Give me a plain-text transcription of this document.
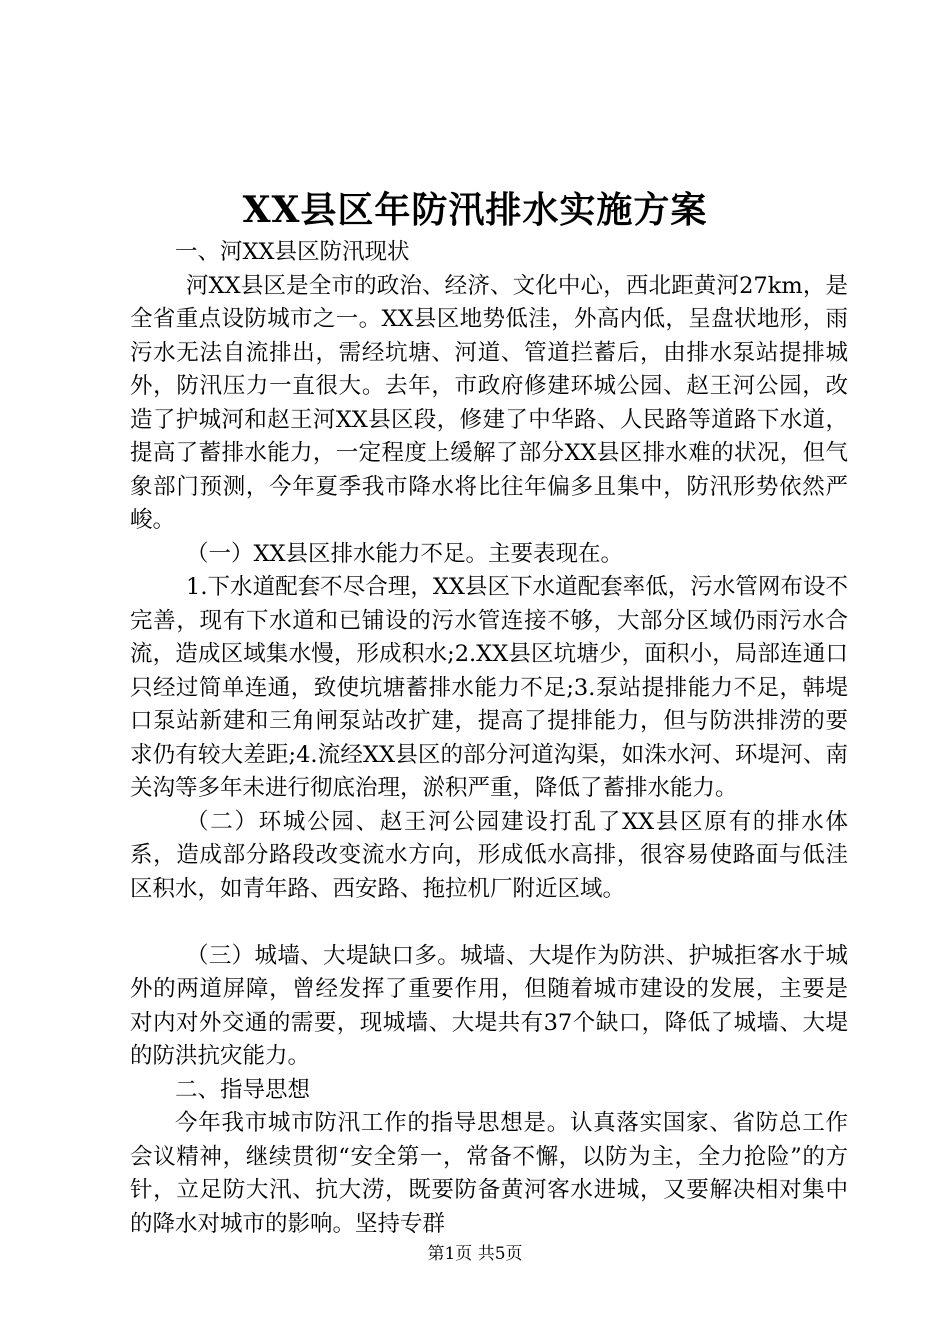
XX县区年防汛排水实施方案

一、河XX县区防汛现状

河XX县区是全市的政治、经济、文化中心，西北距黄河27km，是全省重点设防城市之一。XX县区地势低洼，外高内低，呈盘状地形，雨污水无法自流排出，需经坑塘、河道、管道拦蓄后，由排水泵站提排城外，防汛压力一直很大。去年，市政府修建环城公园、赵王河公园，改造了护城河和赵王河XX县区段，修建了中华路、人民路等道路下水道，提高了蓄排水能力，一定程度上缓解了部分XX县区排水难的状况，但气象部门预测，今年夏季我市降水将比往年偏多且集中，防汛形势依然严峻。

（一）XX县区排水能力不足。主要表现在。

1.下水道配套不尽合理，XX县区下水道配套率低，污水管网布设不完善，现有下水道和已铺设的污水管连接不够，大部分区域仍雨污水合流，造成区域集水慢，形成积水;2.XX县区坑塘少，面积小，局部连通口只经过简单连通，致使坑塘蓄排水能力不足;3.泵站提排能力不足，韩堤口泵站新建和三角闸泵站改扩建，提高了提排能力，但与防洪排涝的要求仍有较大差距;4.流经XX县区的部分河道沟渠，如洙水河、环堤河、南关沟等多年未进行彻底治理，淤积严重，降低了蓄排水能力。

（二）环城公园、赵王河公园建设打乱了XX县区原有的排水体系，造成部分路段改变流水方向，形成低水高排，很容易使路面与低洼区积水，如青年路、西安路、拖拉机厂附近区域。

（三）城墙、大堤缺口多。城墙、大堤作为防洪、护城拒客水于城外的两道屏障，曾经发挥了重要作用，但随着城市建设的发展，主要是对内对外交通的需要，现城墙、大堤共有37个缺口，降低了城墙、大堤的防洪抗灾能力。

二、指导思想

今年我市城市防汛工作的指导思想是。认真落实国家、省防总工作会议精神，继续贯彻“安全第一，常备不懈，以防为主，全力抢险”的方针，立足防大汛、抗大涝，既要防备黄河客水进城，又要解决相对集中的降水对城市的影响。坚持专群

第1页 共5页
